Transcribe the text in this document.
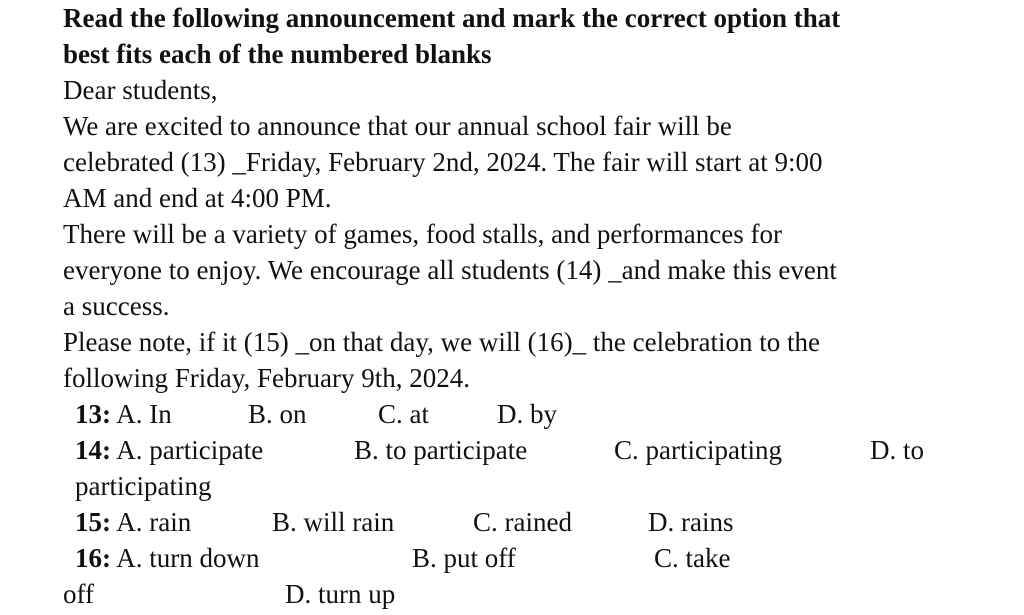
Read the following announcement and mark the correct option that
best fits each of the numbered blanks
Dear students,
We are excited to announce that our annual school fair will be
celebrated (13) _Friday, February 2nd, 2024. The fair will start at 9:00
AM and end at 4:00 PM.
There will be a variety of games, food stalls, and performances for
everyone to enjoy. We encourage all students (14) _and make this event
a success.
Please note, if it (15) _on that day, we will (16)_ the celebration to the
following Friday, February 9th, 2024.
13: A. In	B. on	C. at	D. by
14: A. participate	B. to participate	C. participating	D. to
participating
15: A. rain	B. will rain	C. rained	D. rains
16: A. turn down	B. put off	C. take
off	D. turn up
